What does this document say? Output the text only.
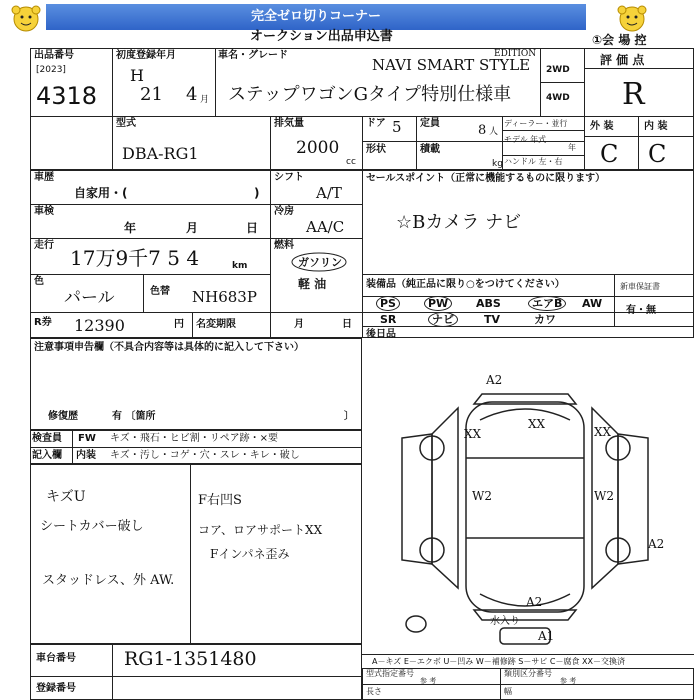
完全ゼロ切りコーナー
オークション出品申込書	①会 場 控
出品番号
[2023]
4318
初度登録年月
H
21 4 月
車名・グレード
NAVI SMART STYLE
EDITION
ステップワゴンGタイプ特別仕様車
2WD
4WD
評 価 点
R
型式
DBA-RG1
排気量
2000
cc
ドア 5 定員	8 人
形状	積載
kg
ディーラー・並行
モデル 年式
年
ハンドル 左・右
外 装	内 装
C C
車歴
自家用・(	)
シフト
A/T
車検
年	月	日
冷房
AA/C
走行
17万9千7 5 4	km
燃料
ガソリン
軽 油
色
パール	色替 NH683P
R券 12390	円 名変期限	月	日
セールスポイント（正常に機能するものに限ります）
☆Bカメラ ナビ
装備品（純正品に限り○をつけてください）
PS	PW	ABS	エアB	AW
SR	ナビ	TV	カワ
新車保証書
有・無
後日品
注意事項申告欄（不具合内容等は具体的に記入して下さい）
修復歴	有 〔箇所	〕
検査員
記入欄
FW キズ・飛石・ヒビ割・リペア跡・×要
内装 キズ・汚し・コゲ・穴・スレ・キレ・破し
キズU
シートカバー破し
スタッドレス、外 AW.
F右凹S
コア、ロアサポートXX
Fインパネ歪み
A2
XX
XX	XX
W2	W2
A2
A2
A1
水入り
A－キズ E－エクボ U－凹み W－補修跡 S－サビ C－腐食 XX－交換済
車台番号	RG1-1351480
登録番号
型式指定番号	類別区分番号
参 考	参 考
長さ	幅
